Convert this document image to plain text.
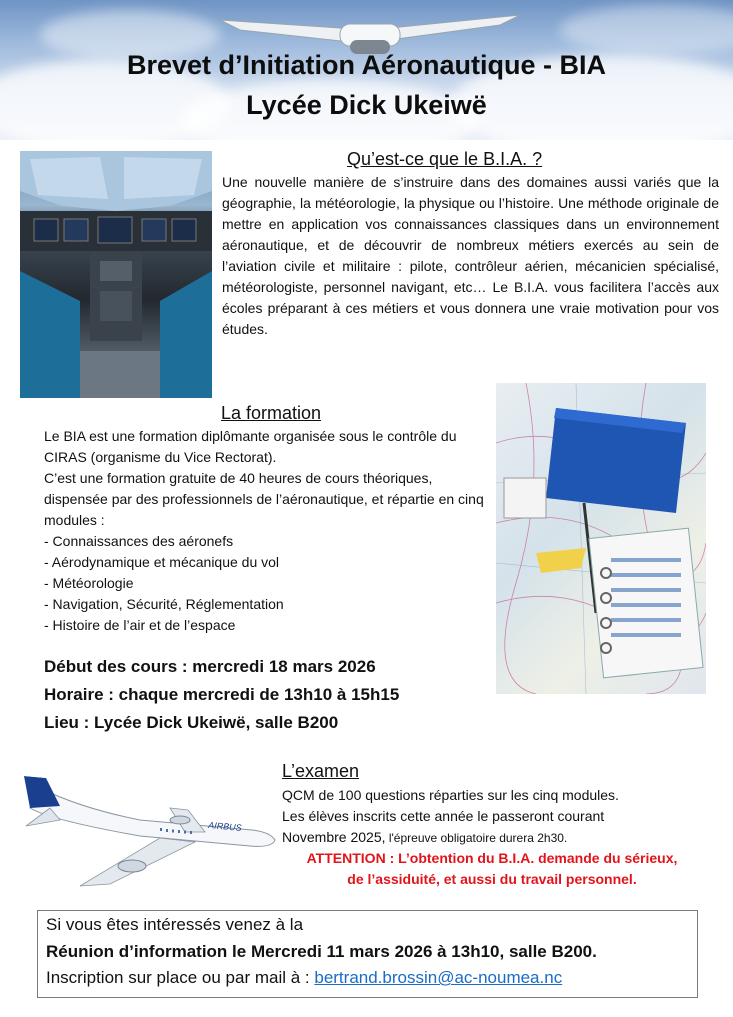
Brevet d’Initiation Aéronautique - BIA
Lycée Dick Ukeiwë
Qu’est-ce que le B.I.A. ?

Une nouvelle manière de s’instruire dans des domaines aussi variés que la géographie, la météorologie, la physique ou l’histoire. Une méthode originale de mettre en application vos connaissances classiques dans un environnement aéronautique, et de découvrir de nombreux métiers exercés au sein de l’aviation civile et militaire : pilote, contrôleur aérien, mécanicien spécialisé, météorologiste, personnel navigant, etc… Le B.I.A. vous facilitera l’accès aux écoles préparant à ces métiers et vous donnera une vraie motivation pour vos études.

La formation

Le BIA est une formation diplômante organisée sous le contrôle du CIRAS (organisme du Vice Rectorat).

C’est une formation gratuite de 40 heures de cours théoriques, dispensée par des professionnels de l’aéronautique, et répartie en cinq modules :

- Connaissances des aéronefs
- Aérodynamique et mécanique du vol
- Météorologie
- Navigation, Sécurité, Réglementation
- Histoire de l’air et de l’espace
Début des cours : mercredi 18 mars 2026
Horaire : chaque mercredi de 13h10 à 15h15
Lieu : Lycée Dick Ukeiwë, salle B200
AIRBUS
L’examen
QCM de 100 questions réparties sur les cinq modules.
Les élèves inscrits cette année le passeront courant
Novembre 2025, l'épreuve obligatoire durera 2h30.
ATTENTION : L’obtention du B.I.A. demande du sérieux,
de l’assiduité, et aussi du travail personnel.
Si vous êtes intéressés venez à la
Réunion d’information le Mercredi 11 mars 2026 à 13h10, salle B200.
Inscription sur place ou par mail à : bertrand.brossin@ac-noumea.nc
